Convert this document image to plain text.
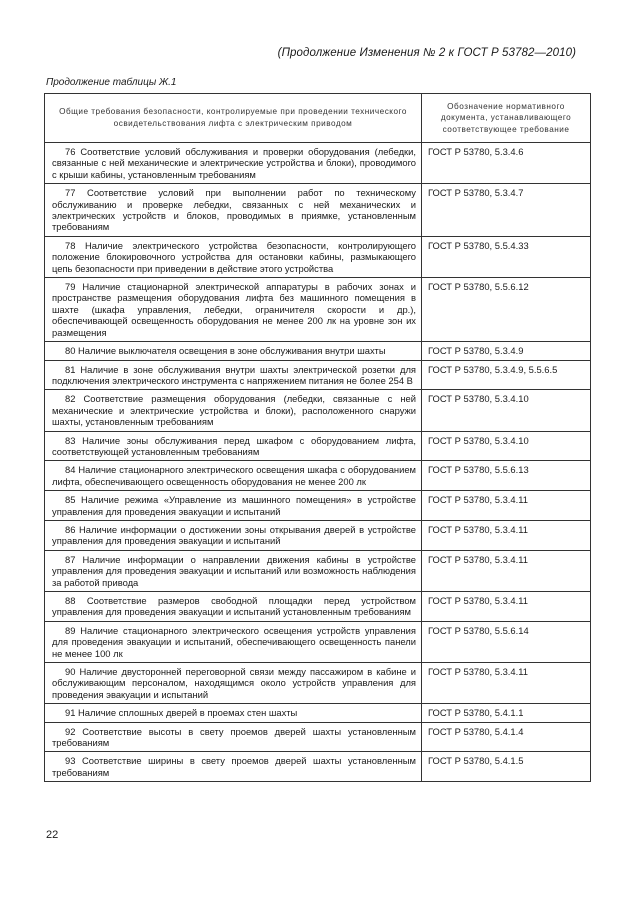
(Продолжение Изменения № 2 к ГОСТ Р 53782—2010)
Продолжение таблицы Ж.1
Общие требования безопасности, контролируемые при проведении технического освидетельствования лифта с электрическим приводом	Обозначение нормативного документа, устанавливающего соответствующее требование
76 Соответствие условий обслуживания и проверки оборудования (лебедки, связанные с ней механические и электрические устройства и блоки), проводимого с крыши кабины, установленным требованиям	ГОСТ Р 53780, 5.3.4.6
77 Соответствие условий при выполнении работ по техническому обслуживанию и проверке лебедки, связанных с ней механических и электрических устройств и блоков, проводимых в приямке, установленным требованиям	ГОСТ Р 53780, 5.3.4.7
78 Наличие электрического устройства безопасности, контролирующего положение блокировочного устройства для остановки кабины, размыкающего цепь безопасности при приведении в действие этого устройства	ГОСТ Р 53780, 5.5.4.33
79 Наличие стационарной электрической аппаратуры в рабочих зонах и пространстве размещения оборудования лифта без машинного помещения в шахте (шкафа управления, лебедки, ограничителя скорости и др.), обеспечивающей освещенность оборудования не менее 200 лк на уровне зон их размещения	ГОСТ Р 53780, 5.5.6.12
80 Наличие выключателя освещения в зоне обслуживания внутри шахты	ГОСТ Р 53780, 5.3.4.9
81 Наличие в зоне обслуживания внутри шахты электрической розетки для подключения электрического инструмента с напряжением питания не более 254 В	ГОСТ Р 53780, 5.3.4.9, 5.5.6.5
82 Соответствие размещения оборудования (лебедки, связанные с ней механические и электрические устройства и блоки), расположенного снаружи шахты, установленным требованиям	ГОСТ Р 53780, 5.3.4.10
83 Наличие зоны обслуживания перед шкафом с оборудованием лифта, соответствующей установленным требованиям	ГОСТ Р 53780, 5.3.4.10
84 Наличие стационарного электрического освещения шкафа с оборудованием лифта, обеспечивающего освещенность оборудования не менее 200 лк	ГОСТ Р 53780, 5.5.6.13
85 Наличие режима «Управление из машинного помещения» в устройстве управления для проведения эвакуации и испытаний	ГОСТ Р 53780, 5.3.4.11
86 Наличие информации о достижении зоны открывания дверей в устройстве управления для проведения эвакуации и испытаний	ГОСТ Р 53780, 5.3.4.11
87 Наличие информации о направлении движения кабины в устройстве управления для проведения эвакуации и испытаний или возможность наблюдения за работой привода	ГОСТ Р 53780, 5.3.4.11
88 Соответствие размеров свободной площадки перед устройством управления для проведения эвакуации и испытаний установленным требованиям	ГОСТ Р 53780, 5.3.4.11
89 Наличие стационарного электрического освещения устройств управления для проведения эвакуации и испытаний, обеспечивающего освещенность панели не менее 100 лк	ГОСТ Р 53780, 5.5.6.14
90 Наличие двусторонней переговорной связи между пассажиром в кабине и обслуживающим персоналом, находящимся около устройств управления для проведения эвакуации и испытаний	ГОСТ Р 53780, 5.3.4.11
91 Наличие сплошных дверей в проемах стен шахты	ГОСТ Р 53780, 5.4.1.1
92 Соответствие высоты в свету проемов дверей шахты установленным требованиям	ГОСТ Р 53780, 5.4.1.4
93 Соответствие ширины в свету проемов дверей шахты установленным требованиям	ГОСТ Р 53780, 5.4.1.5
22
